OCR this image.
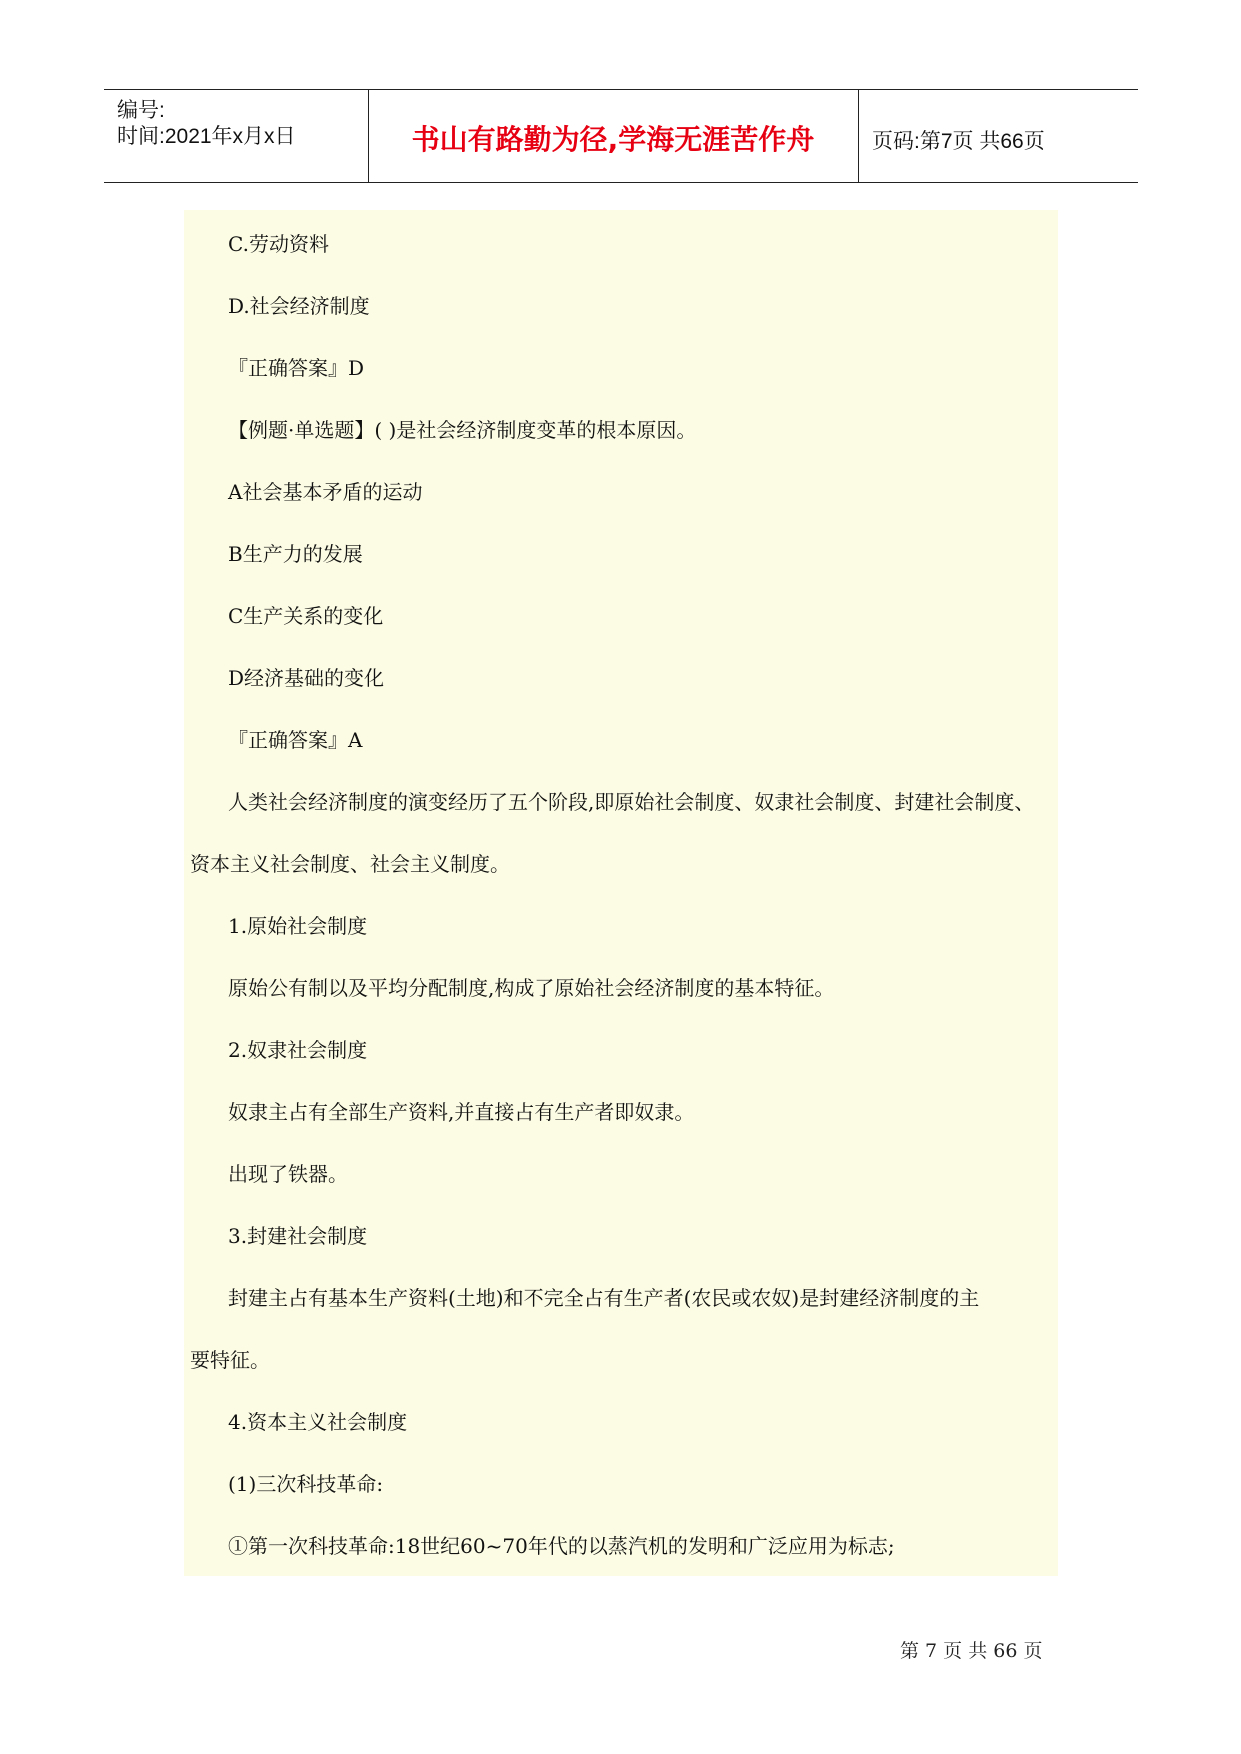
编号:
时间:2021年x月x日	书山有路勤为径,学海无涯苦作舟	页码:第7页 共66页
C.劳动资料
D.社会经济制度
『正确答案』D
【例题·单选题】( )是社会经济制度变革的根本原因。
A社会基本矛盾的运动
B生产力的发展
C生产关系的变化
D经济基础的变化
『正确答案』A
人类社会经济制度的演变经历了五个阶段,即原始社会制度、奴隶社会制度、封建社会制度、
资本主义社会制度、社会主义制度。
1.原始社会制度
原始公有制以及平均分配制度,构成了原始社会经济制度的基本特征。
2.奴隶社会制度
奴隶主占有全部生产资料,并直接占有生产者即奴隶。
出现了铁器。
3.封建社会制度
封建主占有基本生产资料(土地)和不完全占有生产者(农民或农奴)是封建经济制度的主
要特征。
4.资本主义社会制度
(1)三次科技革命:
①第一次科技革命:18世纪60~70年代的以蒸汽机的发明和广泛应用为标志;
第 7 页 共 66 页
